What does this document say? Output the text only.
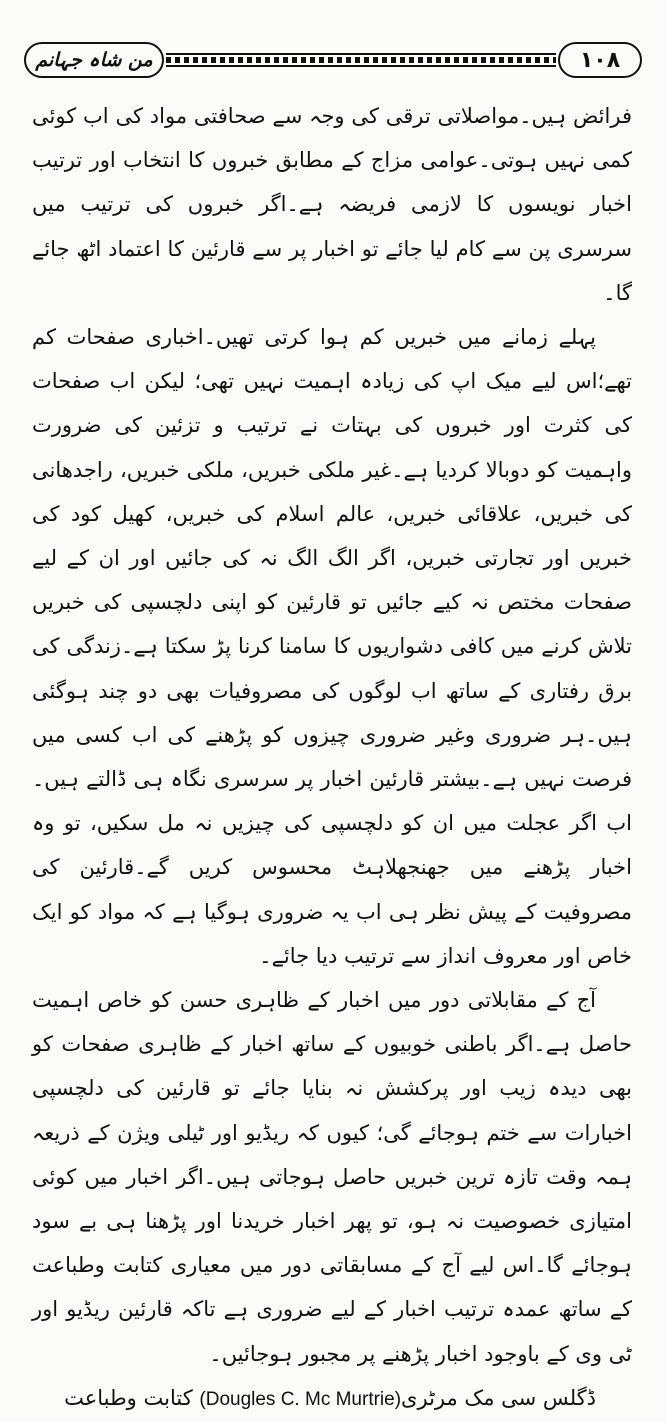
۱۰۸
من شاہ جہانم

فرائض ہیں۔مواصلاتی ترقی کی وجہ سے صحافتی مواد کی اب کوئی کمی نہیں ہوتی۔عوامی مزاج کے مطابق خبروں کا انتخاب اور ترتیب اخبار نویسوں کا لازمی فریضہ ہے۔اگر خبروں کی ترتیب میں سرسری پن سے کام لیا جائے تو اخبار پر سے قارئین کا اعتماد اٹھ جائے گا۔

پہلے زمانے میں خبریں کم ہوا کرتی تھیں۔اخباری صفحات کم تھے؛اس لیے میک اپ کی زیادہ اہمیت نہیں تھی؛ لیکن اب صفحات کی کثرت اور خبروں کی بہتات نے ترتیب و تزئین کی ضرورت واہمیت کو دوبالا کردیا ہے۔غیر ملکی خبریں، ملکی خبریں، راجدھانی کی خبریں، علاقائی خبریں، عالم اسلام کی خبریں، کھیل کود کی خبریں اور تجارتی خبریں، اگر الگ الگ نہ کی جائیں اور ان کے لیے صفحات مختص نہ کیے جائیں تو قارئین کو اپنی دلچسپی کی خبریں تلاش کرنے میں کافی دشواریوں کا سامنا کرنا پڑ سکتا ہے۔زندگی کی برق رفتاری کے ساتھ اب لوگوں کی مصروفیات بھی دو چند ہوگئی ہیں۔ہر ضروری وغیر ضروری چیزوں کو پڑھنے کی اب کسی میں فرصت نہیں ہے۔بیشتر قارئین اخبار پر سرسری نگاہ ہی ڈالتے ہیں۔اب اگر عجلت میں ان کو دلچسپی کی چیزیں نہ مل سکیں، تو وہ اخبار پڑھنے میں جھنجھلاہٹ محسوس کریں گے۔قارئین کی مصروفیت کے پیش نظر ہی اب یہ ضروری ہوگیا ہے کہ مواد کو ایک خاص اور معروف انداز سے ترتیب دیا جائے۔

آج کے مقابلاتی دور میں اخبار کے ظاہری حسن کو خاص اہمیت حاصل ہے۔اگر باطنی خوبیوں کے ساتھ اخبار کے ظاہری صفحات کو بھی دیدہ زیب اور پرکشش نہ بنایا جائے تو قارئین کی دلچسپی اخبارات سے ختم ہوجائے گی؛ کیوں کہ ریڈیو اور ٹیلی ویژن کے ذریعہ ہمہ وقت تازہ ترین خبریں حاصل ہوجاتی ہیں۔اگر اخبار میں کوئی امتیازی خصوصیت نہ ہو، تو پھر اخبار خریدنا اور پڑھنا ہی بے سود ہوجائے گا۔اس لیے آج کے مسابقاتی دور میں معیاری کتابت وطباعت کے ساتھ عمدہ ترتیب اخبار کے لیے ضروری ہے تاکہ قارئین ریڈیو اور ٹی وی کے باوجود اخبار پڑھنے پر مجبور ہوجائیں۔

ڈگلس سی مک مرٹری(Dougles C. Mc Murtrie) کتابت وطباعت
